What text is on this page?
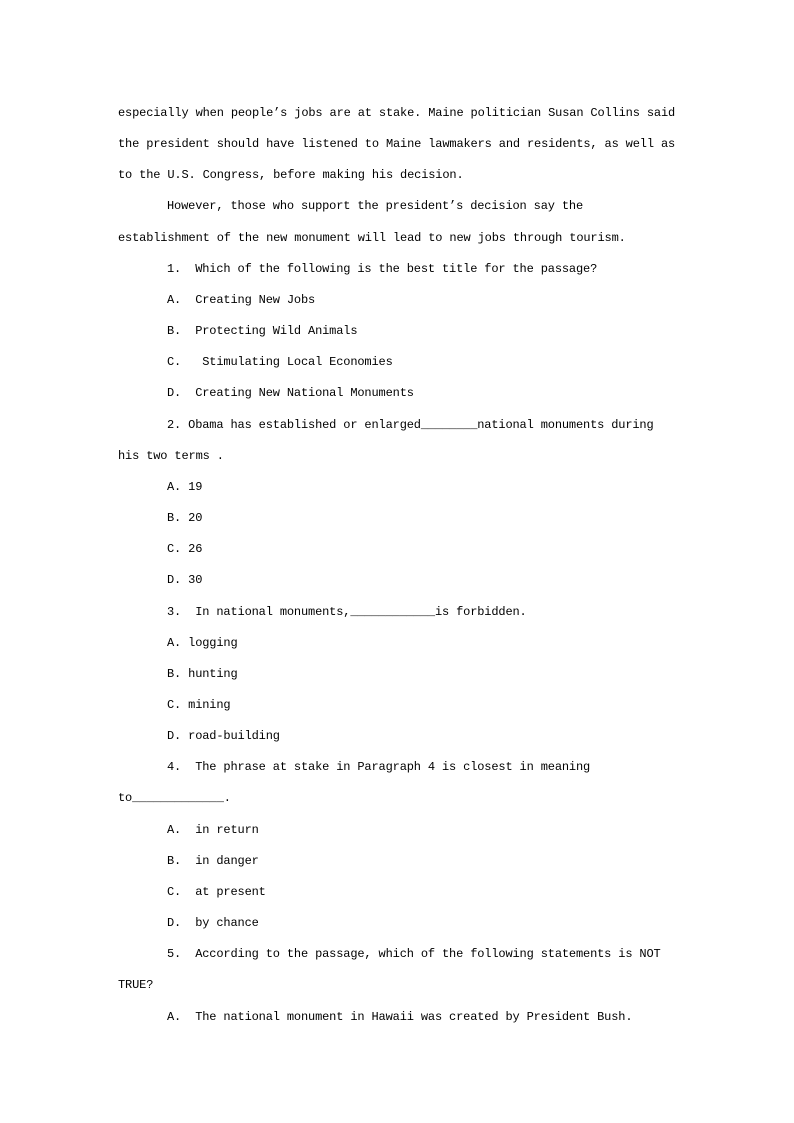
especially when people’s jobs are at stake. Maine politician Susan Collins said
the president should have listened to Maine lawmakers and residents, as well as
to the U.S. Congress, before making his decision.
However, those who support the president’s decision say the
establishment of the new monument will lead to new jobs through tourism.
1.  Which of the following is the best title for the passage?
A.  Creating New Jobs
B.  Protecting Wild Animals
C.   Stimulating Local Economies
D.  Creating New National Monuments
2. Obama has established or enlarged________national monuments during
his two terms .
A. 19
B. 20
C. 26
D. 30
3.  In national monuments,____________is forbidden.
A. logging
B. hunting
C. mining
D. road-building
4.  The phrase at stake in Paragraph 4 is closest in meaning
to_____________.
A.  in return
B.  in danger
C.  at present
D.  by chance
5.  According to the passage, which of the following statements is NOT
TRUE?
A.  The national monument in Hawaii was created by President Bush.
